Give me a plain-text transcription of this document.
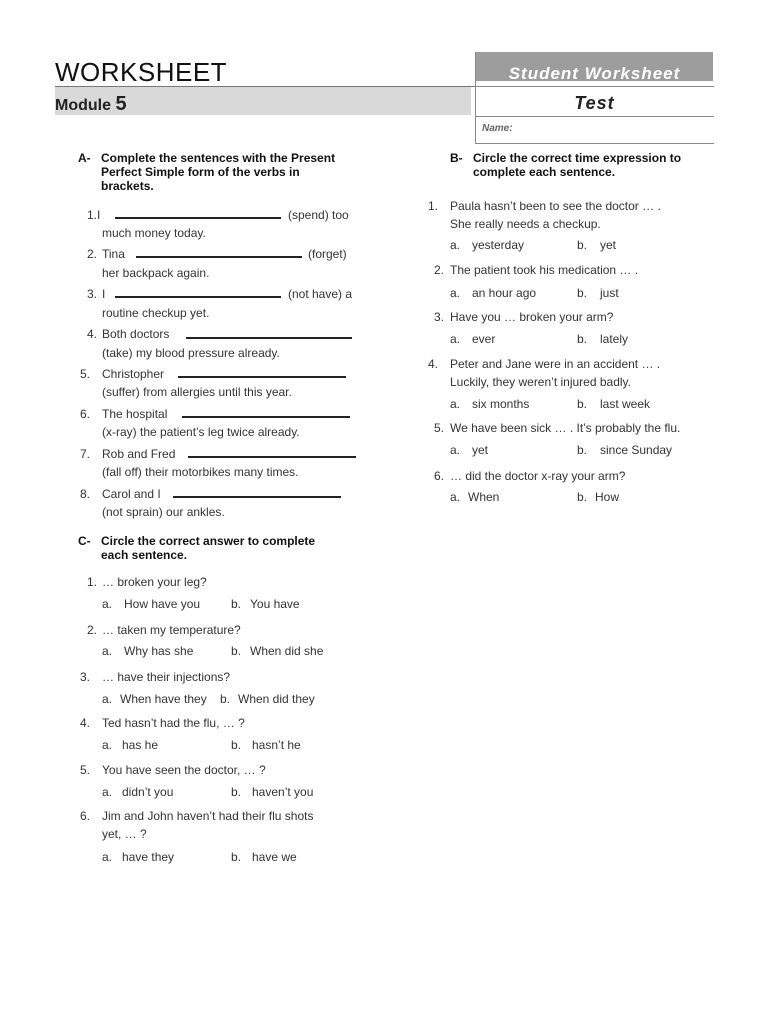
WORKSHEET
Module 5
Student Worksheet
Test
Name:
A- Complete the sentences with the Present
Perfect Simple form of the verbs in
brackets.
1. I	(spend) too
much money today.
2. Tina	(forget)
her backpack again.
3. I	(not have) a
routine checkup yet.
4. Both doctors
(take) my blood pressure already.
5. Christopher
(suffer) from allergies until this year.
6. The hospital
(x-ray) the patient’s leg twice already.
7. Rob and Fred
(fall off) their motorbikes many times.
8. Carol and I
(not sprain) our ankles.
C- Circle the correct answer to complete
each sentence.
1. … broken your leg?
a. How have you	b. You have
2. … taken my temperature?
a. Why has she	b. When did she
3. … have their injections?
a. When have they b. When did they
4. Ted hasn’t had the flu, … ?
a. has he	b. hasn’t he
5. You have seen the doctor, … ?
a. didn’t you	b. haven’t you
6. Jim and John haven’t had their flu shots
yet, … ?
a. have they	b. have we
B- Circle the correct time expression to
complete each sentence.
1. Paula hasn’t been to see the doctor … .
She really needs a checkup.
a. yesterday	b. yet
2. The patient took his medication … .
a. an hour ago	b. just
3. Have you … broken your arm?
a. ever	b. lately
4. Peter and Jane were in an accident … .
Luckily, they weren’t injured badly.
a. six months	b. last week
5. We have been sick … . It’s probably the flu.
a. yet	b. since Sunday
6. … did the doctor x-ray your arm?
a. When	b. How
